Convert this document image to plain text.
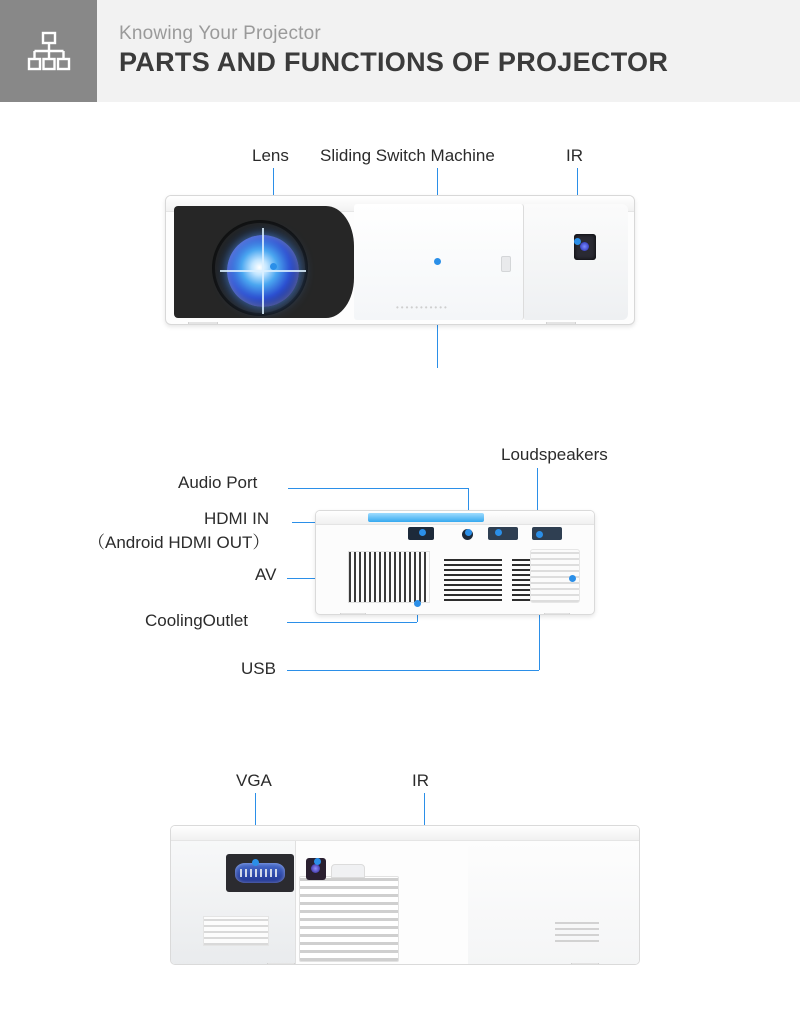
Knowing Your Projector
PARTS AND FUNCTIONS OF PROJECTOR
Lens Sliding Switch Machine	IR
•••••••••••
Loudspeakers
Audio Port
HDMI IN
（Android HDMI OUT）
AV
CoolingOutlet
USB
VGA	IR
